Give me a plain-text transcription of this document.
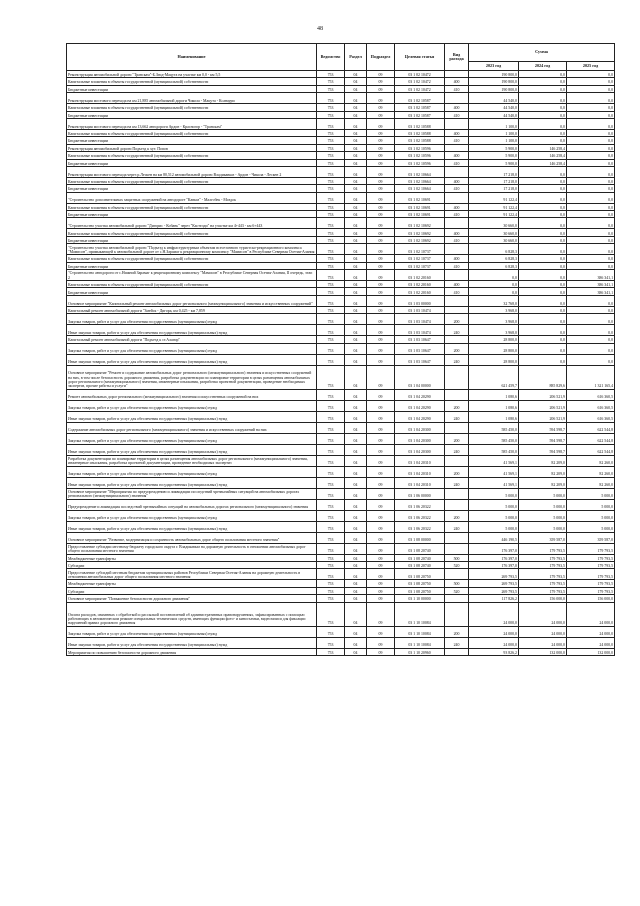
48
Наименование	Ведомство	Раздел	Подраздел	Целевая статья	Вид расхода	Сумма		
						2023 год	2024 год	2025 год
Реконструкция автомобильной дороги "Транскам"-Б.Згид-Мацута на участке км 0,0 - км 5,5	753	04	09	03 1 02 10472		190 800,0	0,0	0,0
Капитальные вложения в объекты государственной (муниципальной) собственности	753	04	09	03 1 02 10472	400	190 800,0	0,0	0,0
Бюджетные инвестиции	753	04	09	03 1 02 10472	410	190 800,0	0,0	0,0
Реконструкция мостового перехода на км 21,885 автомобильной дороги Чикола - Мацута - Ксанаури	753	04	09	03 1 02 10587		44 540,0	0,0	0,0
Капитальные вложения в объекты государственной (муниципальной) собственности	753	04	09	03 1 02 10587	400	44 540,0	0,0	0,0
Бюджетные инвестиции	753	04	09	03 1 02 10587	410	44 540,0	0,0	0,0
Реконструкция мостового перехода на км 13,662 автодороги Ардон - Красногор - "Транскам"	753	04	09	03 1 02 10588		1 100,0	0,0	0,0
Капитальные вложения в объекты государственной (муниципальной) собственности	753	04	09	03 1 02 10588	400	1 100,0	0,0	0,0
Бюджетные инвестиции	753	04	09	03 1 02 10588	410	1 100,0	0,0	0,0
Реконструкция автомобильной дороги Подъезд к хут. Попов	753	04	09	03 1 02 10596		5 900,0	146 258,4	0,0
Капитальные вложения в объекты государственной (муниципальной) собственности	753	04	09	03 1 02 10596	400	5 900,0	146 258,4	0,0
Бюджетные инвестиции	753	04	09	03 1 02 10596	410	5 900,0	146 258,4	0,0
Реконструкция мостового перехода через р.Лескен на км 80,512 автомобильной дороги Владикавказ - Ардон - Чикола - Лескен 2	753	04	09	03 1 02 10664		17 218,0	0,0	0,0
Капитальные вложения в объекты государственной (муниципальной) собственности	753	04	09	03 1 02 10664	400	17 218,0	0,0	0,0
Бюджетные инвестиции	753	04	09	03 1 02 10664	410	17 218,0	0,0	0,0
"Строительство дополнительных защитных сооружений на автодороге "Кавказ" - Малгобек - Моздок	753	04	09	03 1 02 10691		91 122,4	0,0	0,0
Капитальные вложения в объекты государственной (муниципальной) собственности	753	04	09	03 1 02 10691	400	91 122,4	0,0	0,0
Бюджетные инвестиции	753	04	09	03 1 02 10691	410	91 122,4	0,0	0,0
"Строительство участка автомобильной дороги "Дигорис - Кобань" через "Кастелди" на участке км 4+443 - км 6+443	753	04	09	03 1 02 10692		30 660,0	0,0	0,0
Капитальные вложения в объекты государственной (муниципальной) собственности	753	04	09	03 1 02 10692	400	30 660,0	0,0	0,0
Бюджетные инвестиции	753	04	09	03 1 02 10692	410	30 660,0	0,0	0,0
"Строительство участка автомобильной дороги "Подъезд к инфраструктурным объектам всесезонного туристско-рекреационного комплекса "Мамисон", примыкающей к автомобильной дороге от с.Н.Зарамаг к рекреационному комплексу "Мамисон" в Республике Северная Осетия-Алания	753	04	09	03 1 02 10737		6 828,3	0,0	0,0
Капитальные вложения в объекты государственной (муниципальной) собственности	753	04	09	03 1 02 10737	400	6 828,3	0,0	0,0
Бюджетные инвестиции	753	04	09	03 1 02 10737	410	6 828,3	0,0	0,0
"Строительство автодороги от с.Нижний Зарамаг к рекреационному комплексу "Мамисон" в Республике Северная Осетия-Алания, II очередь, этап 2	753	04	09	03 1 02 20160		0,0	0,0	386 341,1
Капитальные вложения в объекты государственной (муниципальной) собственности	753	04	09	03 1 02 20160	400	0,0	0,0	386 341,1
Бюджетные инвестиции	753	04	09	03 1 02 20160	410	0,0	0,0	386 341,1
Основное мероприятие "Капитальный ремонт автомобильных дорог регионального (межмуниципального) значения и искусственных сооружений"	753	04	09	03 1 03 00000		32 768,0	0,0	0,0
Капитальный ремонт автомобильной дороги "Змейск - Дигора, км 0,425 - км 7,859	753	04	09	03 1 03 10474		3 968,0	0,0	0,0
Закупка товаров, работ и услуг для обеспечения государственных (муниципальных) нужд	753	04	09	03 1 03 10474	200	3 968,0	0,0	0,0
Иные закупки товаров, работ и услуг для обеспечения государственных (муниципальных) нужд	753	04	09	03 1 03 10474	240	3 968,0	0,0	0,0
Капитальный ремонт автомобильной дороги "Подъезд к ст.Алагир"	753	04	09	03 1 03 10647		28 800,0	0,0	0,0
Закупка товаров, работ и услуг для обеспечения государственных (муниципальных) нужд	753	04	09	03 1 03 10647	200	28 800,0	0,0	0,0
Иные закупки товаров, работ и услуг для обеспечения государственных (муниципальных) нужд	753	04	09	03 1 03 10647	240	28 800,0	0,0	0,0
Основное мероприятие "Ремонт и содержание автомобильных дорог регионального (межмуниципального) значения и искусственных сооружений на них, в том числе безопасность дорожного движения, разработка документации по планировке территории в целях размещения автомобильных дорог регионального (межмуниципального) значения, инженерные изыскания, разработка проектной документации, проведение необходимых экспертиз, прочие работы и услуги"	753	04	09	03 1 04 00000		621 459,7	885 829,6	1 321 165,4
Ремонт автомобильных дорог регионального (межмуниципального) значения и искусственных сооружений на них	753	04	09	03 1 04 20290		1 080,6	206 521,9	616 360,5
Закупка товаров, работ и услуг для обеспечения государственных (муниципальных) нужд	753	04	09	03 1 04 20290	200	1 080,6	206 521,9	616 360,5
Иные закупки товаров, работ и услуг для обеспечения государственных (муниципальных) нужд	753	04	09	03 1 04 20290	240	1 080,6	206 521,9	616 360,5
Содержание автомобильных дорог регионального (межмуниципального) значения и искусственных сооружений на них	753	04	09	03 1 04 20300		585 450,0	594 598,7	622 544,8
Закупка товаров, работ и услуг для обеспечения государственных (муниципальных) нужд	753	04	09	03 1 04 20300	200	585 450,0	594 598,7	622 544,8
Иные закупки товаров, работ и услуг для обеспечения государственных (муниципальных) нужд	753	04	09	03 1 04 20300	240	585 450,0	594 598,7	622 544,8
Разработка документации по планировке территории в целях размещения автомобильных дорог регионального (межмуниципального) значения, инженерные изыскания, разработка проектной документации, проведение необходимых экспертиз	753	04	09	03 1 04 20310		41 569,1	82 209,0	82 260,0
Закупка товаров, работ и услуг для обеспечения государственных (муниципальных) нужд	753	04	09	03 1 04 20310	200	41 569,1	82 209,0	82 260,0
Иные закупки товаров, работ и услуг для обеспечения государственных (муниципальных) нужд	753	04	09	03 1 04 20310	240	41 569,1	82 209,0	82 260,0
Основное мероприятие "Мероприятия по предупреждению и ликвидации последствий чрезвычайных ситуаций на автомобильных дорогах регионального (межмуниципального) значения"	753	04	09	03 1 06 00000		5 000,0	5 000,0	5 000,0
Предупреждение и ликвидация последствий чрезвычайных ситуаций на автомобильных дорогах регионального (межмуниципального) значения	753	04	09	03 1 06 20322		5 000,0	5 000,0	5 000,0
Закупка товаров, работ и услуг для обеспечения государственных (муниципальных) нужд	753	04	09	03 1 06 20322	200	5 000,0	5 000,0	5 000,0
Иные закупки товаров, работ и услуг для обеспечения государственных (муниципальных) нужд	753	04	09	03 1 06 20322	240	5 000,0	5 000,0	5 000,0
Основное мероприятие "Развитие, модернизация и сохранность автомобильных дорог общего пользования местного значения"	753	04	09	03 1 08 00000		446 190,5	359 587,0	359 587,0
Предоставление субсидии местному бюджету городского округа г. Владикавказ на дорожную деятельность в отношении автомобильных дорог общего пользования местного значения	753	04	09	03 1 08 20740		176 397,0	179 793,5	179 793,5
Межбюджетные трансферты	753	04	09	03 1 08 20740	500	176 397,0	179 793,5	179 793,5
Субсидии	753	04	09	03 1 08 20740	520	176 397,0	179 793,5	179 793,5
Предоставление субсидий местным бюджетам муниципальных районов Республики Северная Осетия-Алания на дорожную деятельность в отношении автомобильных дорог общего пользования местного значения	753	04	09	03 1 08 20750		269 793,5	179 793,5	179 793,5
Межбюджетные трансферты	753	04	09	03 1 08 20750	500	269 793,5	179 793,5	179 793,5
Субсидии	753	04	09	03 1 08 20750	520	269 793,5	179 793,5	179 793,5
Основное мероприятие "Повышение безопасности дорожного движения"	753	04	09	03 1 10 00000		117 826,2	156 000,0	156 000,0
Оплата расходов, связанных с обработкой и рассылкой постановлений об административных правонарушениях, зафиксированных с помощью работающих в автоматическом режиме специальных технических средств, имеющих функции фото- и киносъемки, видеозаписи для фиксации нарушений правил дорожного движения	753	04	09	03 1 10 10084		24 000,0	24 000,0	24 000,0
Закупка товаров, работ и услуг для обеспечения государственных (муниципальных) нужд	753	04	09	03 1 10 10084	200	24 000,0	24 000,0	24 000,0
Иные закупки товаров, работ и услуг для обеспечения государственных (муниципальных) нужд	753	04	09	03 1 10 10084	240	24 000,0	24 000,0	24 000,0
Мероприятия по повышению безопасности дорожного движения	753	04	09	03 1 10 20960		93 826,2	132 000,0	132 000,0
